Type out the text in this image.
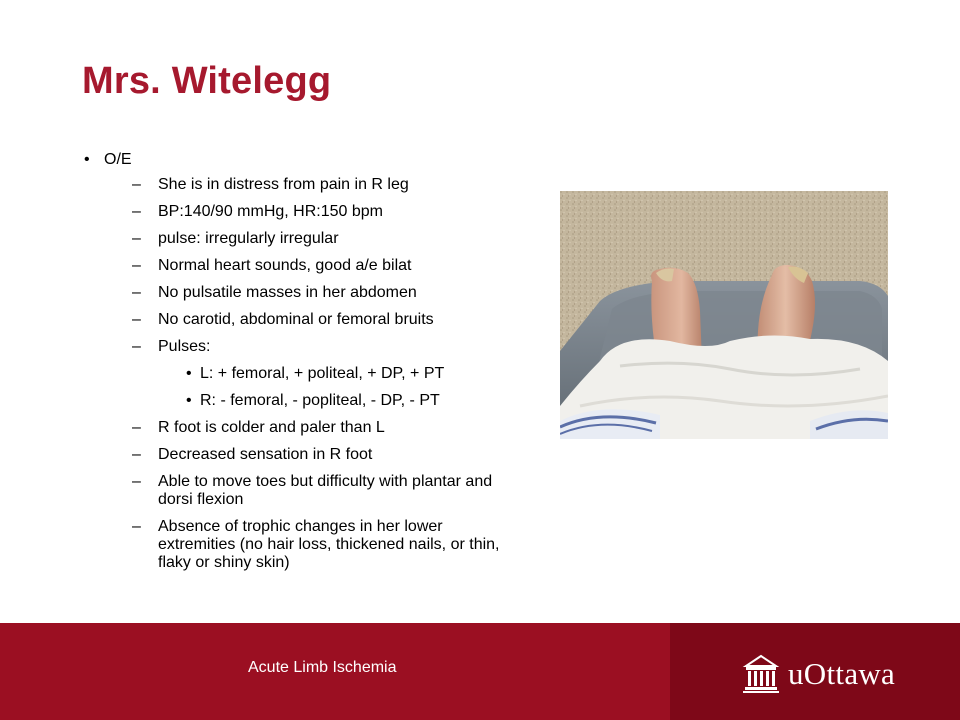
Mrs. Witelegg
• O/E
– She is in distress from pain in R leg
– BP:140/90 mmHg, HR:150 bpm
– pulse: irregularly irregular
– Normal heart sounds, good a/e bilat
– No pulsatile masses in her abdomen
– No carotid, abdominal or femoral bruits
– Pulses:
• L: + femoral, + politeal, + DP, + PT
• R: - femoral, - popliteal, - DP, - PT
– R foot is colder and paler than L
– Decreased sensation in R foot
– Able to move toes but difficulty with plantar and dorsi flexion
– Absence of trophic changes in her lower extremities (no hair loss, thickened nails, or thin, flaky or shiny skin)
Acute Limb Ischemia	uOttawa
